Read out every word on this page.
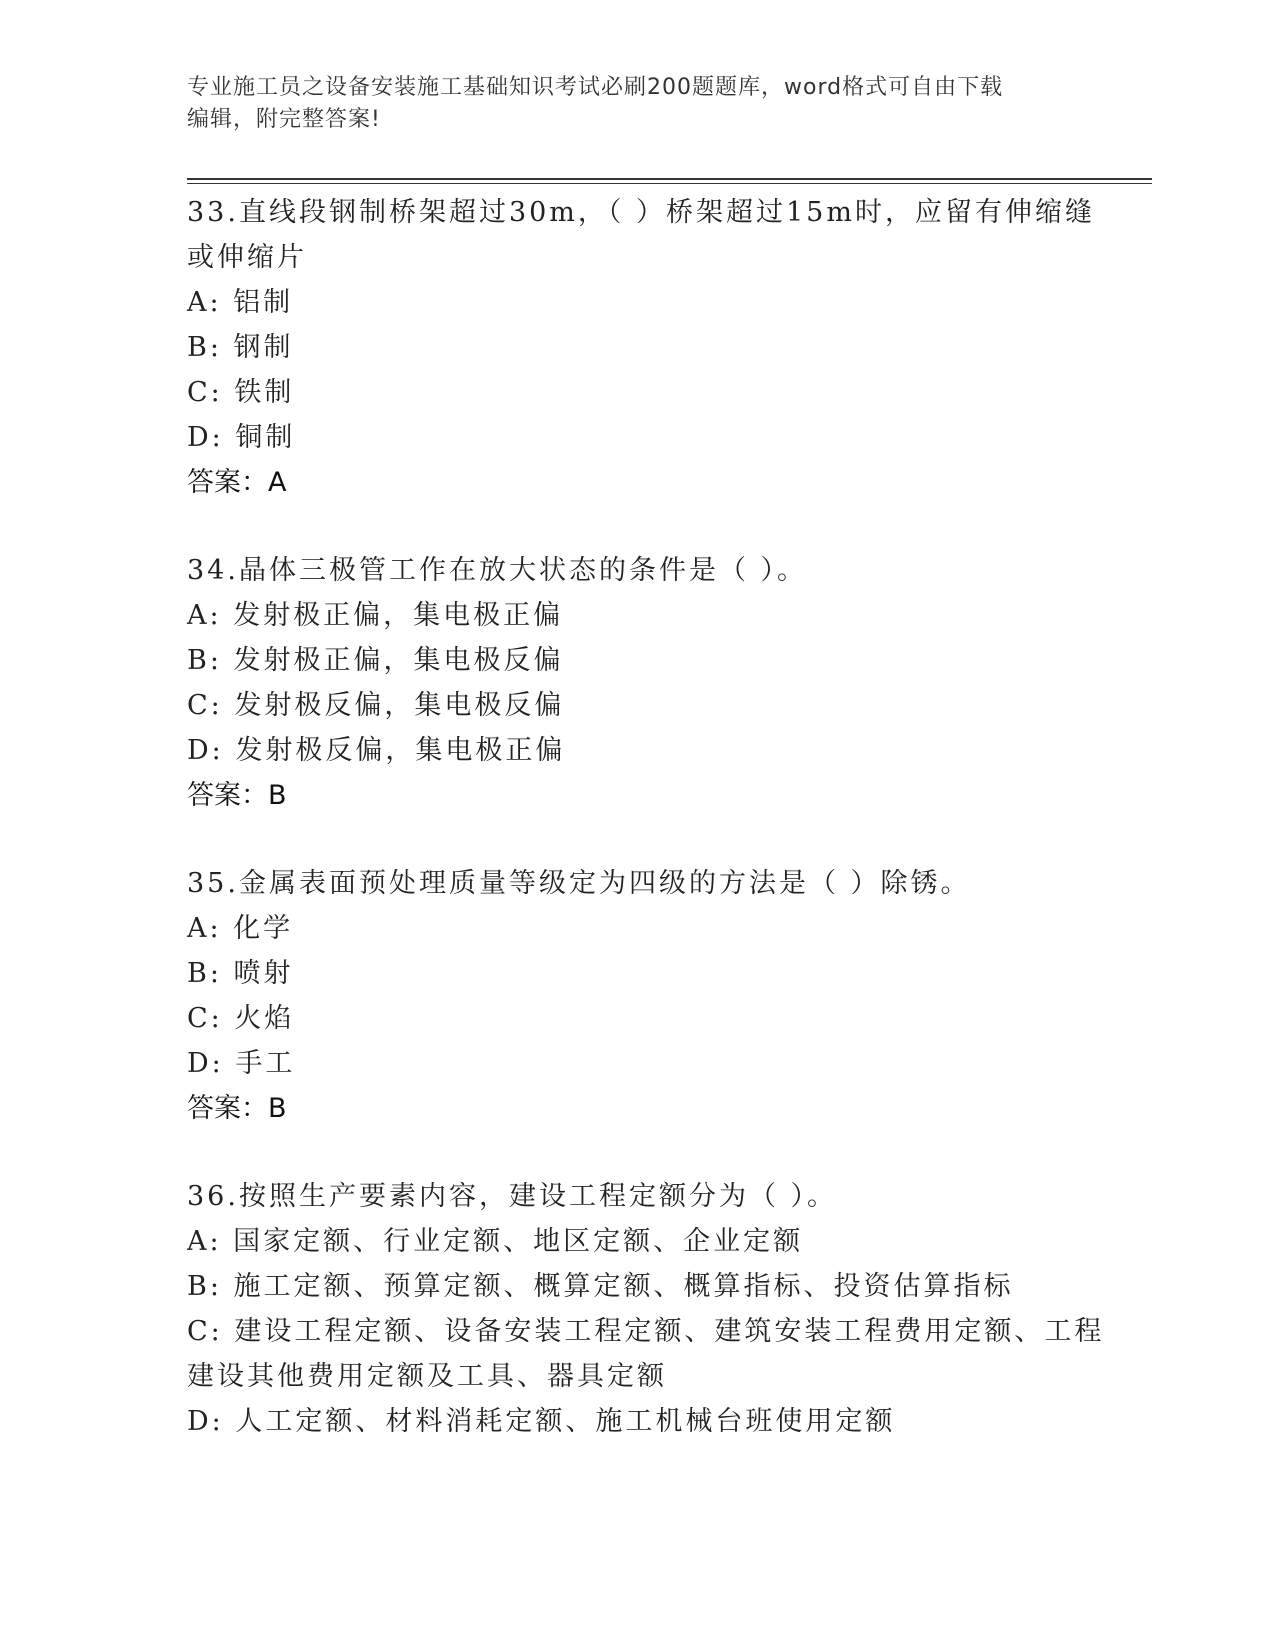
专业施工员之设备安装施工基础知识考试必刷200题题库，word格式可自由下载
编辑，附完整答案!

33.直线段钢制桥架超过30m，（ ）桥架超过15m时，应留有伸缩缝或伸缩片

A: 铝制
B: 钢制
C: 铁制
D: 铜制
答案：A

34.晶体三极管工作在放大状态的条件是（ ）。

A: 发射极正偏，集电极正偏
B: 发射极正偏，集电极反偏
C: 发射极反偏，集电极反偏
D: 发射极反偏，集电极正偏
答案：B

35.金属表面预处理质量等级定为四级的方法是（ ）除锈。

A: 化学
B: 喷射
C: 火焰
D: 手工
答案：B

36.按照生产要素内容，建设工程定额分为（ ）。

A: 国家定额、行业定额、地区定额、企业定额
B: 施工定额、预算定额、概算定额、概算指标、投资估算指标
C: 建设工程定额、设备安装工程定额、建筑安装工程费用定额、工程建设其他费用定额及工具、器具定额
D: 人工定额、材料消耗定额、施工机械台班使用定额
